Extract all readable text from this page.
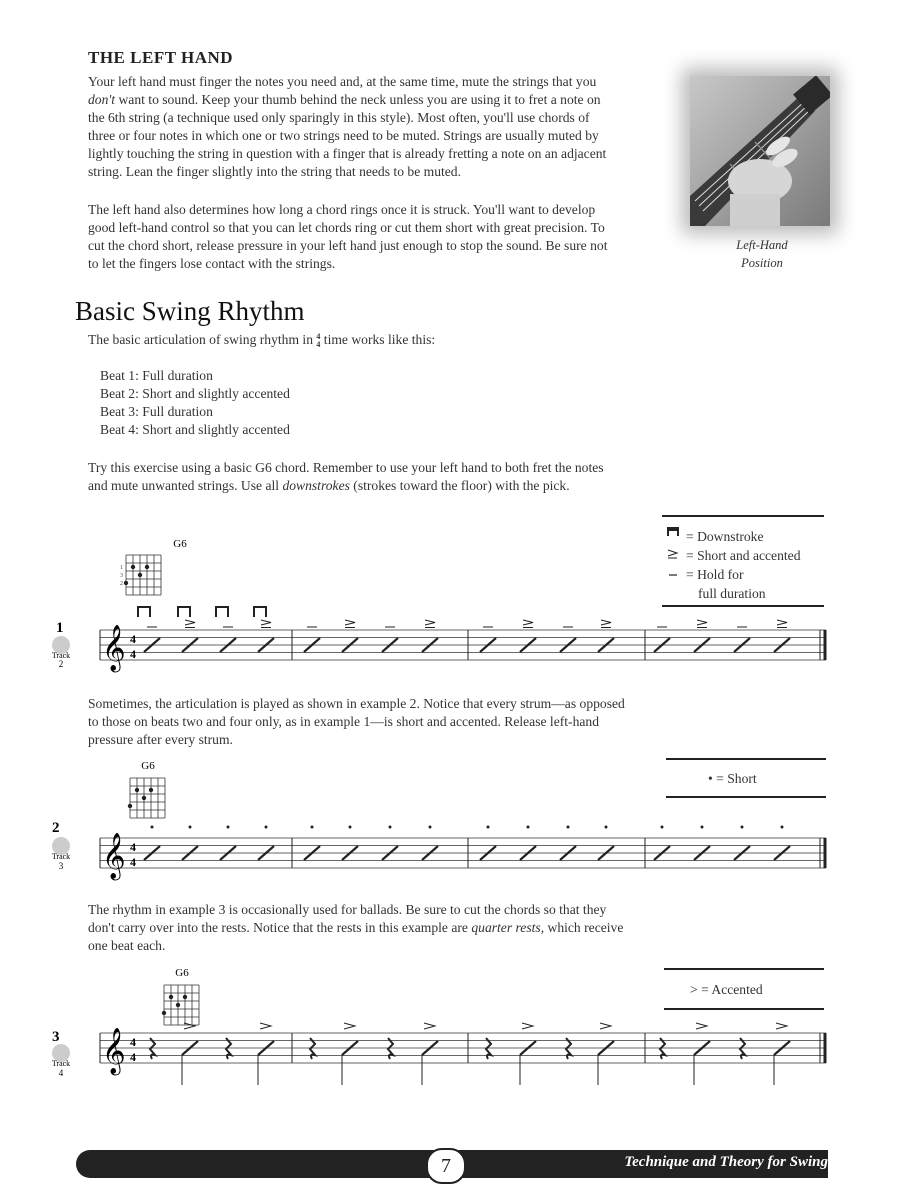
THE LEFT HAND
Your left hand must finger the notes you need and, at the same time, mute the strings that you
don't want to sound. Keep your thumb behind the neck unless you are using it to fret a note on
the 6th string (a technique used only sparingly in this style). Most often, you'll use chords of
three or four notes in which one or two strings need to be muted. Strings are usually muted by
lightly touching the string in question with a finger that is already fretting a note on an adjacent
string. Lean the finger slightly into the string that needs to be muted.
The left hand also determines how long a chord rings once it is struck. You'll want to develop
good left-hand control so that you can let chords ring or cut them short with great precision. To
cut the chord short, release pressure in your left hand just enough to stop the sound. Be sure not
to let the fingers lose contact with the strings.
Left-Hand
Position
Basic Swing Rhythm
The basic articulation of swing rhythm in 4
4 time works like this:
Beat 1: Full duration
Beat 2: Short and slightly accented
Beat 3: Full duration
Beat 4: Short and slightly accented
Try this exercise using a basic G6 chord. Remember to use your left hand to both fret the notes
and mute unwanted strings. Use all downstrokes (strokes toward the floor) with the pick.
= Downstroke
= Short and accented
= Hold for
full duration
G6
1
3
2
𝄞 4
4
1
Track
2
Sometimes, the articulation is played as shown in example 2. Notice that every strum—as opposed
to those on beats two and four only, as in example 1—is short and accented. Release left-hand
pressure after every strum.
• = Short
G6
𝄞 4
4
2
Track
3
The rhythm in example 3 is occasionally used for ballads. Be sure to cut the chords so that they
don't carry over into the rests. Notice that the rests in this example are quarter rests, which receive
one beat each.
> = Accented
G6
𝄞 4
4
3
Track
4
7	Technique and Theory for Swing
